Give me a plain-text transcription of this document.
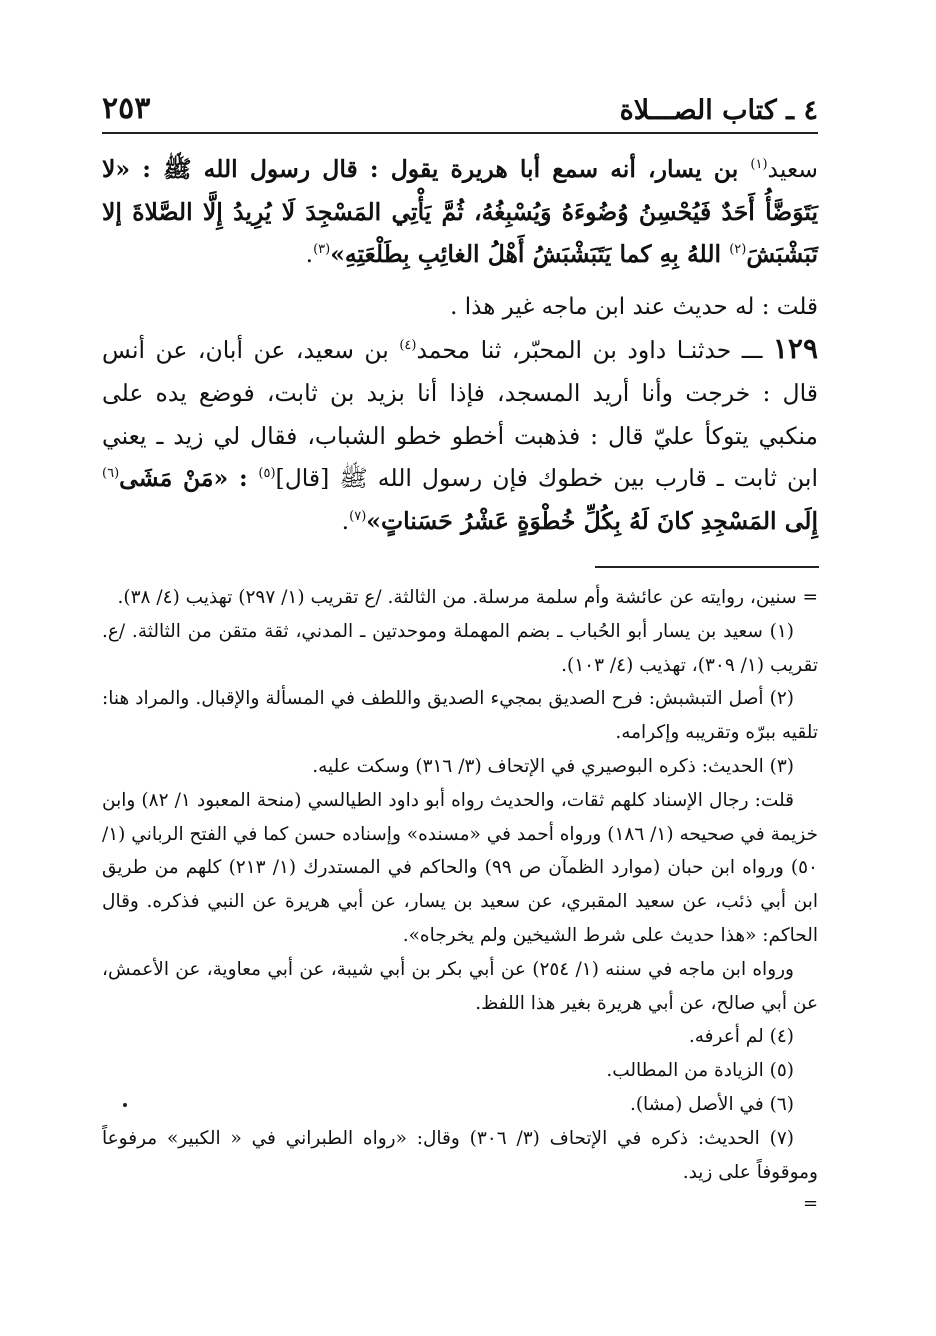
٢٥٣	٤ ـ كتاب الصـــلاة

سعيد$^{(١)}$ بن يسار، أنه سمع أبا هريرة يقول : قال رسول الله ﷺ : «لا يَتَوَضَّأُ أَحَدٌ فَيُحْسِنُ وُضُوءَهُ وَيُسْبِغُهُ، ثُمَّ يَأْتِي المَسْجِدَ لَا يُرِيدُ إِلَّا الصَّلاةَ إلا تَبَشْبَشَ$^{(٢)}$ اللهُ بِهِ كما يَتَبَشْبَشُ أَهْلُ الغائِبِ بِطَلْعَتِهِ»$^{(٣)}$.

قلت : له حديث عند ابن ماجه غير هذا .

١٢٩ ـــ حدثنـا داود بن المحبّر، ثنا محمد$^{(٤)}$ بن سعيد، عن أبان، عن أنس قال : خرجت وأنا أريد المسجد، فإذا أنا بزيد بن ثابت، فوضع يده على منكبي يتوكأ عليّ قال : فذهبت أخطو خطو الشباب، فقال لي زيد ـ يعني ابن ثابت ـ قارب بين خطوك فإن رسول الله ﷺ [قال]$^{(٥)}$ : «مَنْ مَشَى$^{(٦)}$ إِلَى المَسْجِدِ كانَ لَهُ بِكُلِّ خُطْوَةٍ عَشْرُ حَسَناتٍ»$^{(٧)}$.

= سنين، روايته عن عائشة وأم سلمة مرسلة. من الثالثة. /ع تقريب (١/ ٢٩٧) تهذيب (٤/ ٣٨).

(١) سعيد بن يسار أبو الحُباب ـ بضم المهملة وموحدتين ـ المدني، ثقة متقن من الثالثة. /ع. تقريب (١/ ٣٠٩)، تهذيب (٤/ ١٠٣).

(٢) أصل التبشبش: فرح الصديق بمجيء الصديق واللطف في المسألة والإقبال. والمراد هنا: تلقيه ببرّه وتقريبه وإكرامه.

(٣) الحديث: ذكره البوصيري في الإتحاف (٣/ ٣١٦) وسكت عليه.

قلت: رجال الإسناد كلهم ثقات، والحديث رواه أبو داود الطيالسي (منحة المعبود ١/ ٨٢) وابن خزيمة في صحيحه (١/ ١٨٦) ورواه أحمد في «مسنده» وإسناده حسن كما في الفتح الرباني (١/ ٥٠) ورواه ابن حبان (موارد الظمآن ص ٩٩) والحاكم في المستدرك (١/ ٢١٣) كلهم من طريق ابن أبي ذئب، عن سعيد المقبري، عن سعيد بن يسار، عن أبي هريرة عن النبي فذكره. وقال الحاكم: «هذا حديث على شرط الشيخين ولم يخرجاه».

ورواه ابن ماجه في سننه (١/ ٢٥٤) عن أبي بكر بن أبي شيبة، عن أبي معاوية، عن الأعمش، عن أبي صالح، عن أبي هريرة بغير هذا اللفظ.

(٤) لم أعرفه.

(٥) الزيادة من المطالب.

(٦) في الأصل (مشا).

(٧) الحديث: ذكره في الإتحاف (٣/ ٣٠٦) وقال: «رواه الطبراني في « الكبير» مرفوعاً وموقوفاً على زيد.

=
